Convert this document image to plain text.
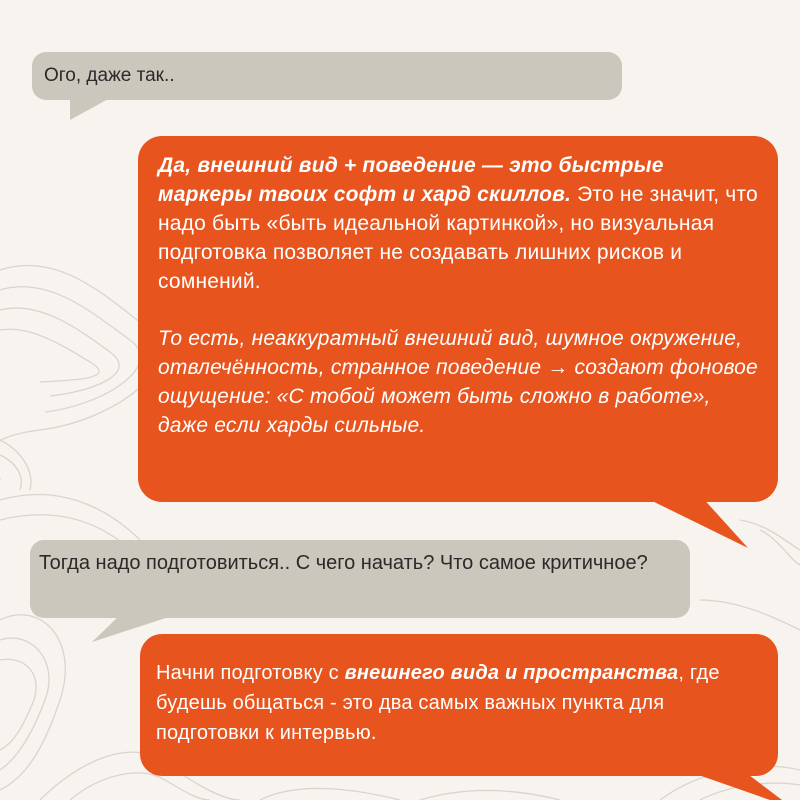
Ого, даже так..

Да, внешний вид + поведение — это быстрые маркеры твоих софт и хард скиллов. Это не значит, что надо быть «быть идеальной картинкой», но визуальная подготовка позволяет не создавать лишних рисков и сомнений.

То есть, неаккуратный внешний вид, шумное окружение, отвлечённость, странное поведение → создают фоновое ощущение: «С тобой может быть сложно в работе», даже если харды сильные.

Тогда надо подготовиться.. С чего начать? Что самое критичное?
Начни подготовку с внешнего вида и пространства, где будешь общаться - это два самых важных пункта для подготовки к интервью.
